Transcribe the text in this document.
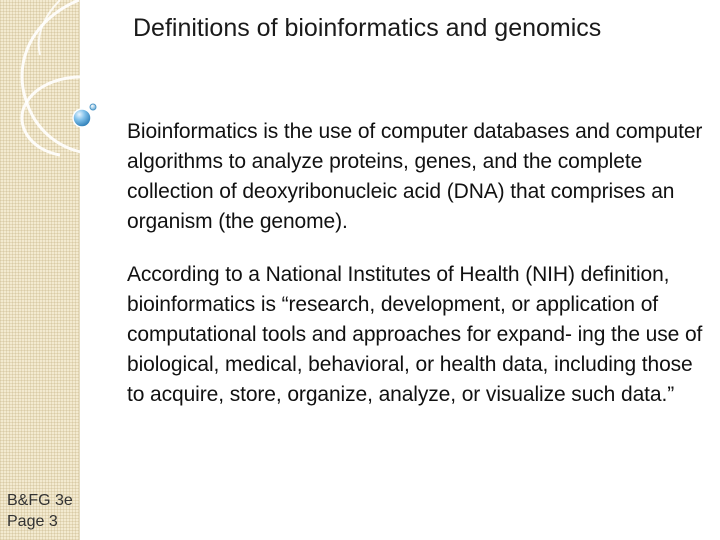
Definitions of bioinformatics and genomics

Bioinformatics is the use of computer databases and computer algorithms to analyze proteins, genes, and the complete collection of deoxyribonucleic acid (DNA) that comprises an organism (the genome).

According to a National Institutes of Health (NIH) definition, bioinformatics is “research, development, or application of computational tools and approaches for expand- ing the use of biological, medical, behavioral, or health data, including those to acquire, store, organize, analyze, or visualize such data.”

B&FG 3e
Page 3
